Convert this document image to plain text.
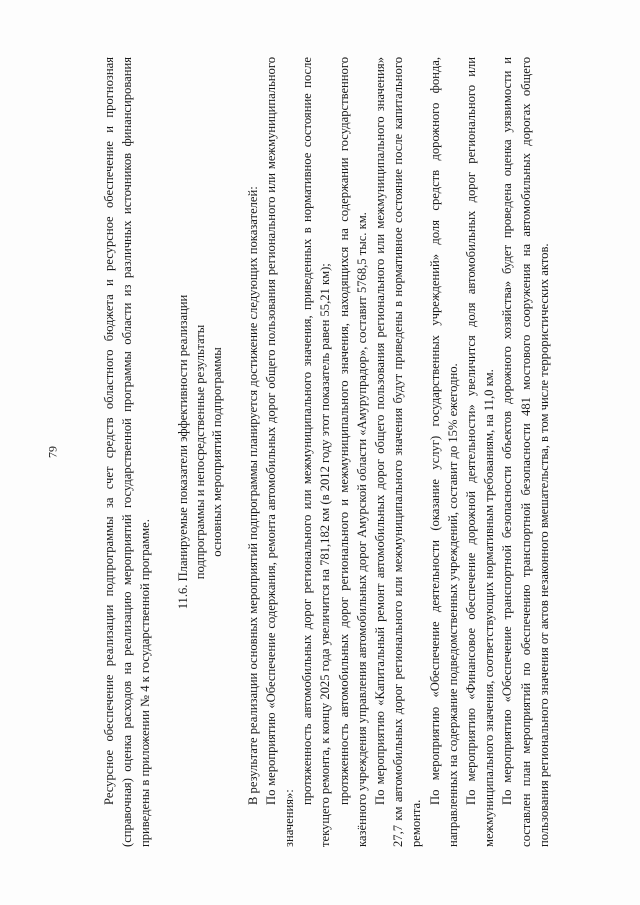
79	Ресурсное обеспечение реализации подпрограммы за счет средств областного бюджета и ресурсное обеспечение и прогнозная (справочная) оценка расходов на реализацию мероприятий государственной программы области из различных источников финансирования приведены в приложении № 4 к государственной программе.

11.6. Планируемые показатели эффективности реализации подпрограммы и непосредственные результаты основных мероприятий подпрограммы В результате реализации основных мероприятий подпрограммы планируется достижение следующих показателей: По мероприятию «Обеспечение содержания, ремонта автомобильных дорог общего пользования регионального или межмуниципального значения»:

протяженность автомобильных дорог регионального или межмуниципального значения, приведенных в нормативное состояние после текущего ремонта, к концу 2025 года увеличится на 781,182 км (в 2012 году этот показатель равен 55,21 км); протяженность автомобильных дорог регионального и межмуниципального значения, находящихся на содержании государственного казённого учреждения управления автомобильных дорог Амурской области «Амурупрадор», составит 5768,5 тыс. км. По мероприятию «Капитальный ремонт автомобильных дорог общего пользования регионального или межмуниципального значения» 27,7 км автомобильных дорог регионального или межмуниципального значения будут приведены в нормативное состояние после капитального ремонта.

По мероприятию «Обеспечение деятельности (оказание услуг) государственных учреждений» доля средств дорожного фонда, направленных на содержание подведомственных учреждений, составит до 15% ежегодно. По мероприятию «Финансовое обеспечение дорожной деятельности» увеличится доля автомобильных дорог регионального или межмуниципального значения, соответствующих нормативным требованиям, на 11,0 км. По мероприятию «Обеспечение транспортной безопасности объектов дорожного хозяйства» будет проведена оценка уязвимости и составлен план мероприятий по обеспечению транспортной безопасности 481 мостового сооружения на автомобильных дорогах общего пользования регионального значения от актов незаконного вмешательства, в том числе террористических актов.
